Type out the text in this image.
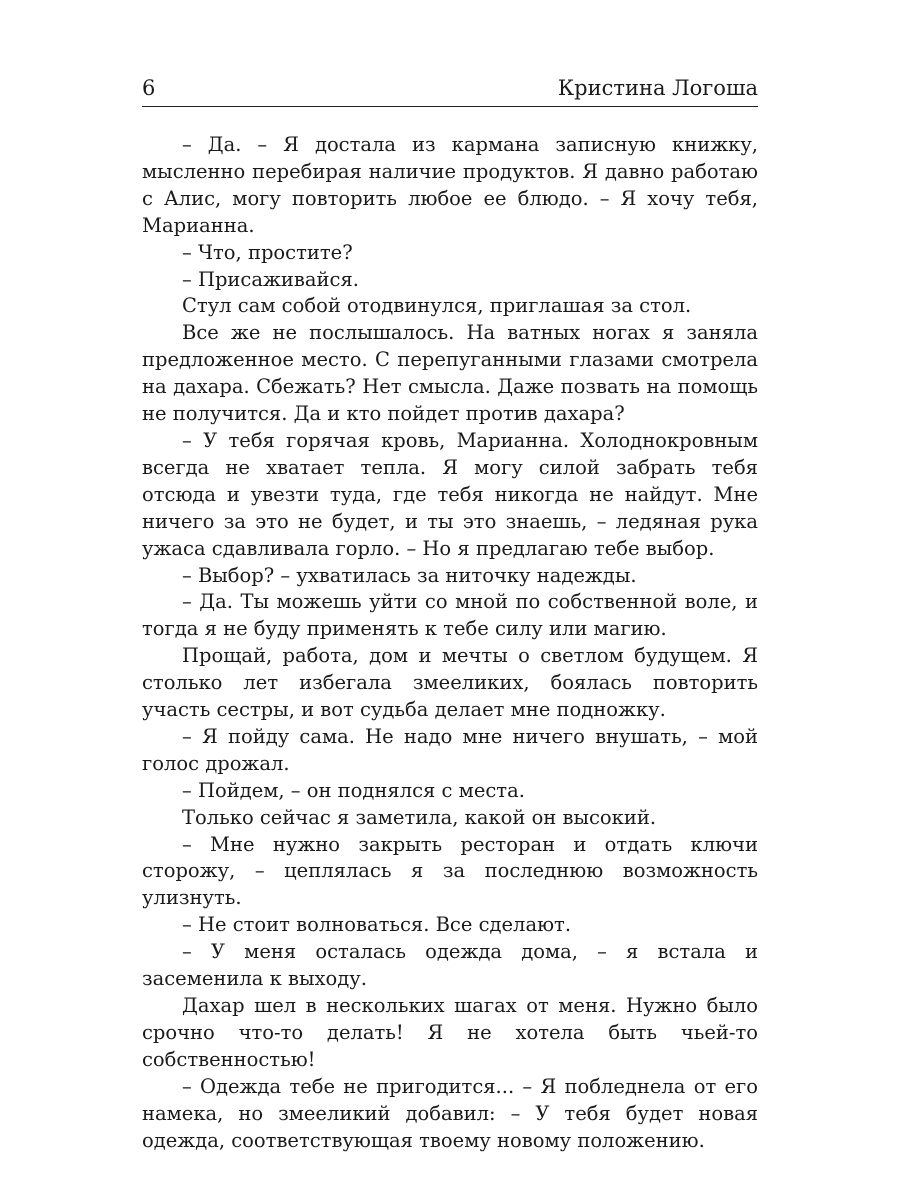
6	Кристина Логоша

– Да. – Я достала из кармана записную книжку, мысленно перебирая наличие продуктов. Я давно работаю с Алис, могу повторить любое ее блюдо. – Я хочу тебя, Марианна.

– Что, простите?

– Присаживайся.

Стул сам собой отодвинулся, приглашая за стол.

Все же не послышалось. На ватных ногах я заняла предложенное место. С перепуганными глазами смотрела на дахара. Сбежать? Нет смысла. Даже позвать на помощь не получится. Да и кто пойдет против дахара?

– У тебя горячая кровь, Марианна. Холоднокровным всегда не хватает тепла. Я могу силой забрать тебя отсюда и увезти туда, где тебя никогда не найдут. Мне ничего за это не будет, и ты это знаешь, – ледяная рука ужаса сдавливала горло. – Но я предлагаю тебе выбор.

– Выбор? – ухватилась за ниточку надежды.

– Да. Ты можешь уйти со мной по собственной воле, и тогда я не буду применять к тебе силу или магию.

Прощай, работа, дом и мечты о светлом будущем. Я столько лет избегала змееликих, боялась повторить участь сестры, и вот судьба делает мне подножку.

– Я пойду сама. Не надо мне ничего внушать, – мой голос дрожал.

– Пойдем, – он поднялся с места.

Только сейчас я заметила, какой он высокий.

– Мне нужно закрыть ресторан и отдать ключи сторожу, – цеплялась я за последнюю возможность улизнуть.

– Не стоит волноваться. Все сделают.

– У меня осталась одежда дома, – я встала и засеменила к выходу.

Дахар шел в нескольких шагах от меня. Нужно было срочно что-то делать! Я не хотела быть чьей-то собственностью!

– Одежда тебе не пригодится... – Я побледнела от его намека, но змееликий добавил: – У тебя будет новая одежда, соответствующая твоему новому положению.
